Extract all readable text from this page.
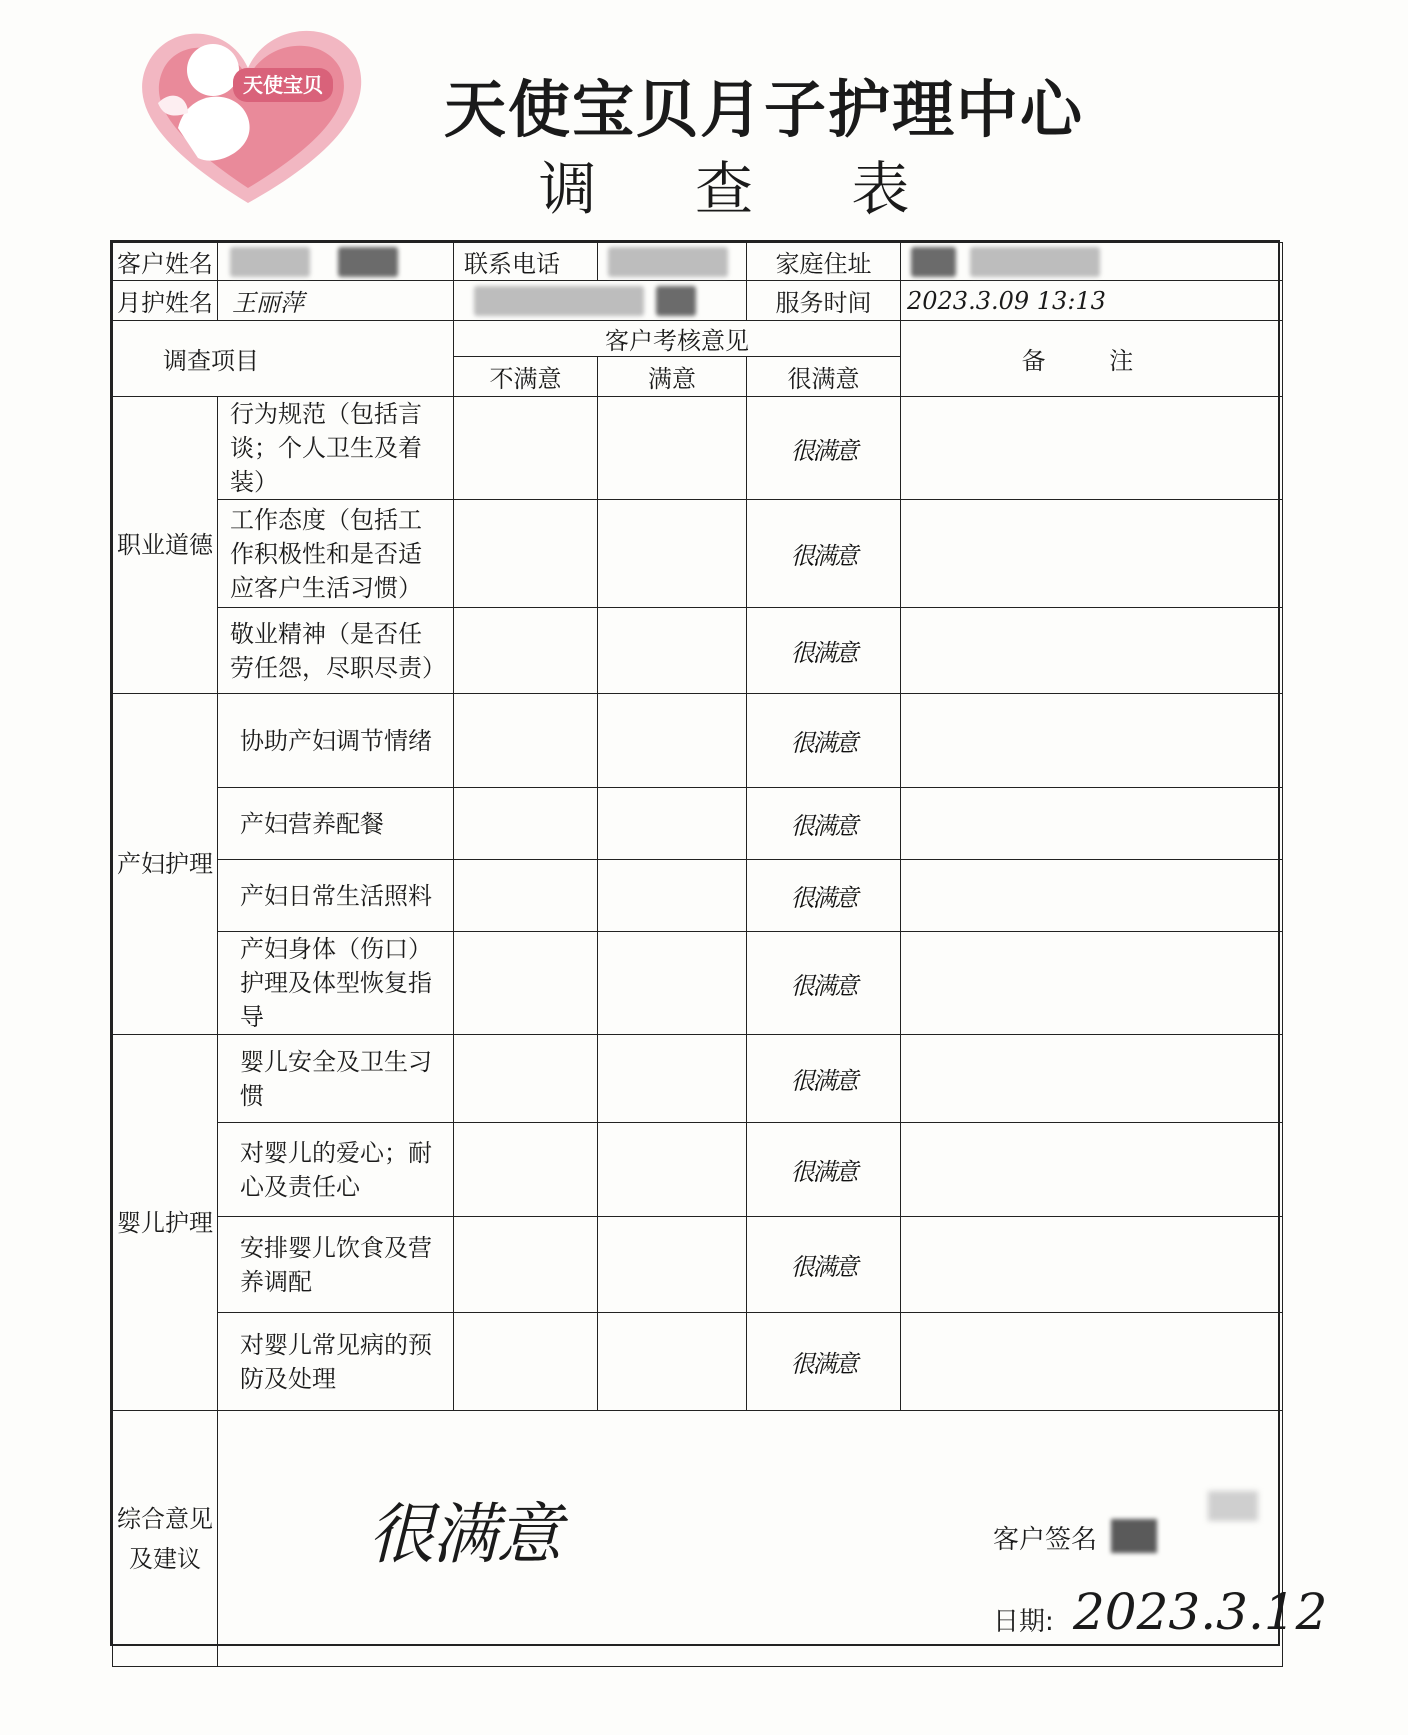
天使宝贝	天使宝贝月子护理中心
调 查 表
客户姓名		联系电话		家庭住址	
月护姓名	王丽萍			服务时间	2023.3.09 13:13
调查项目		客户考核意见			备 注
		不满意	满意	很满意	
职业道德	行为规范（包括言谈；个人卫生及着装）			很满意	
	工作态度（包括工作积极性和是否适应客户生活习惯）			很满意	
	敬业精神（是否任劳任怨，尽职尽责）			很满意	
产妇护理	协助产妇调节情绪			很满意	
	产妇营养配餐			很满意	
	产妇日常生活照料			很满意	
	产妇身体（伤口）护理及体型恢复指导			很满意	
婴儿护理	婴儿安全及卫生习惯			很满意	
	对婴儿的爱心；耐心及责任心			很满意	
	安排婴儿饮食及营养调配			很满意	
	对婴儿常见病的预防及处理			很满意	
综合意见及建议	很满意 客户签名
日期: 2023.3.12				
